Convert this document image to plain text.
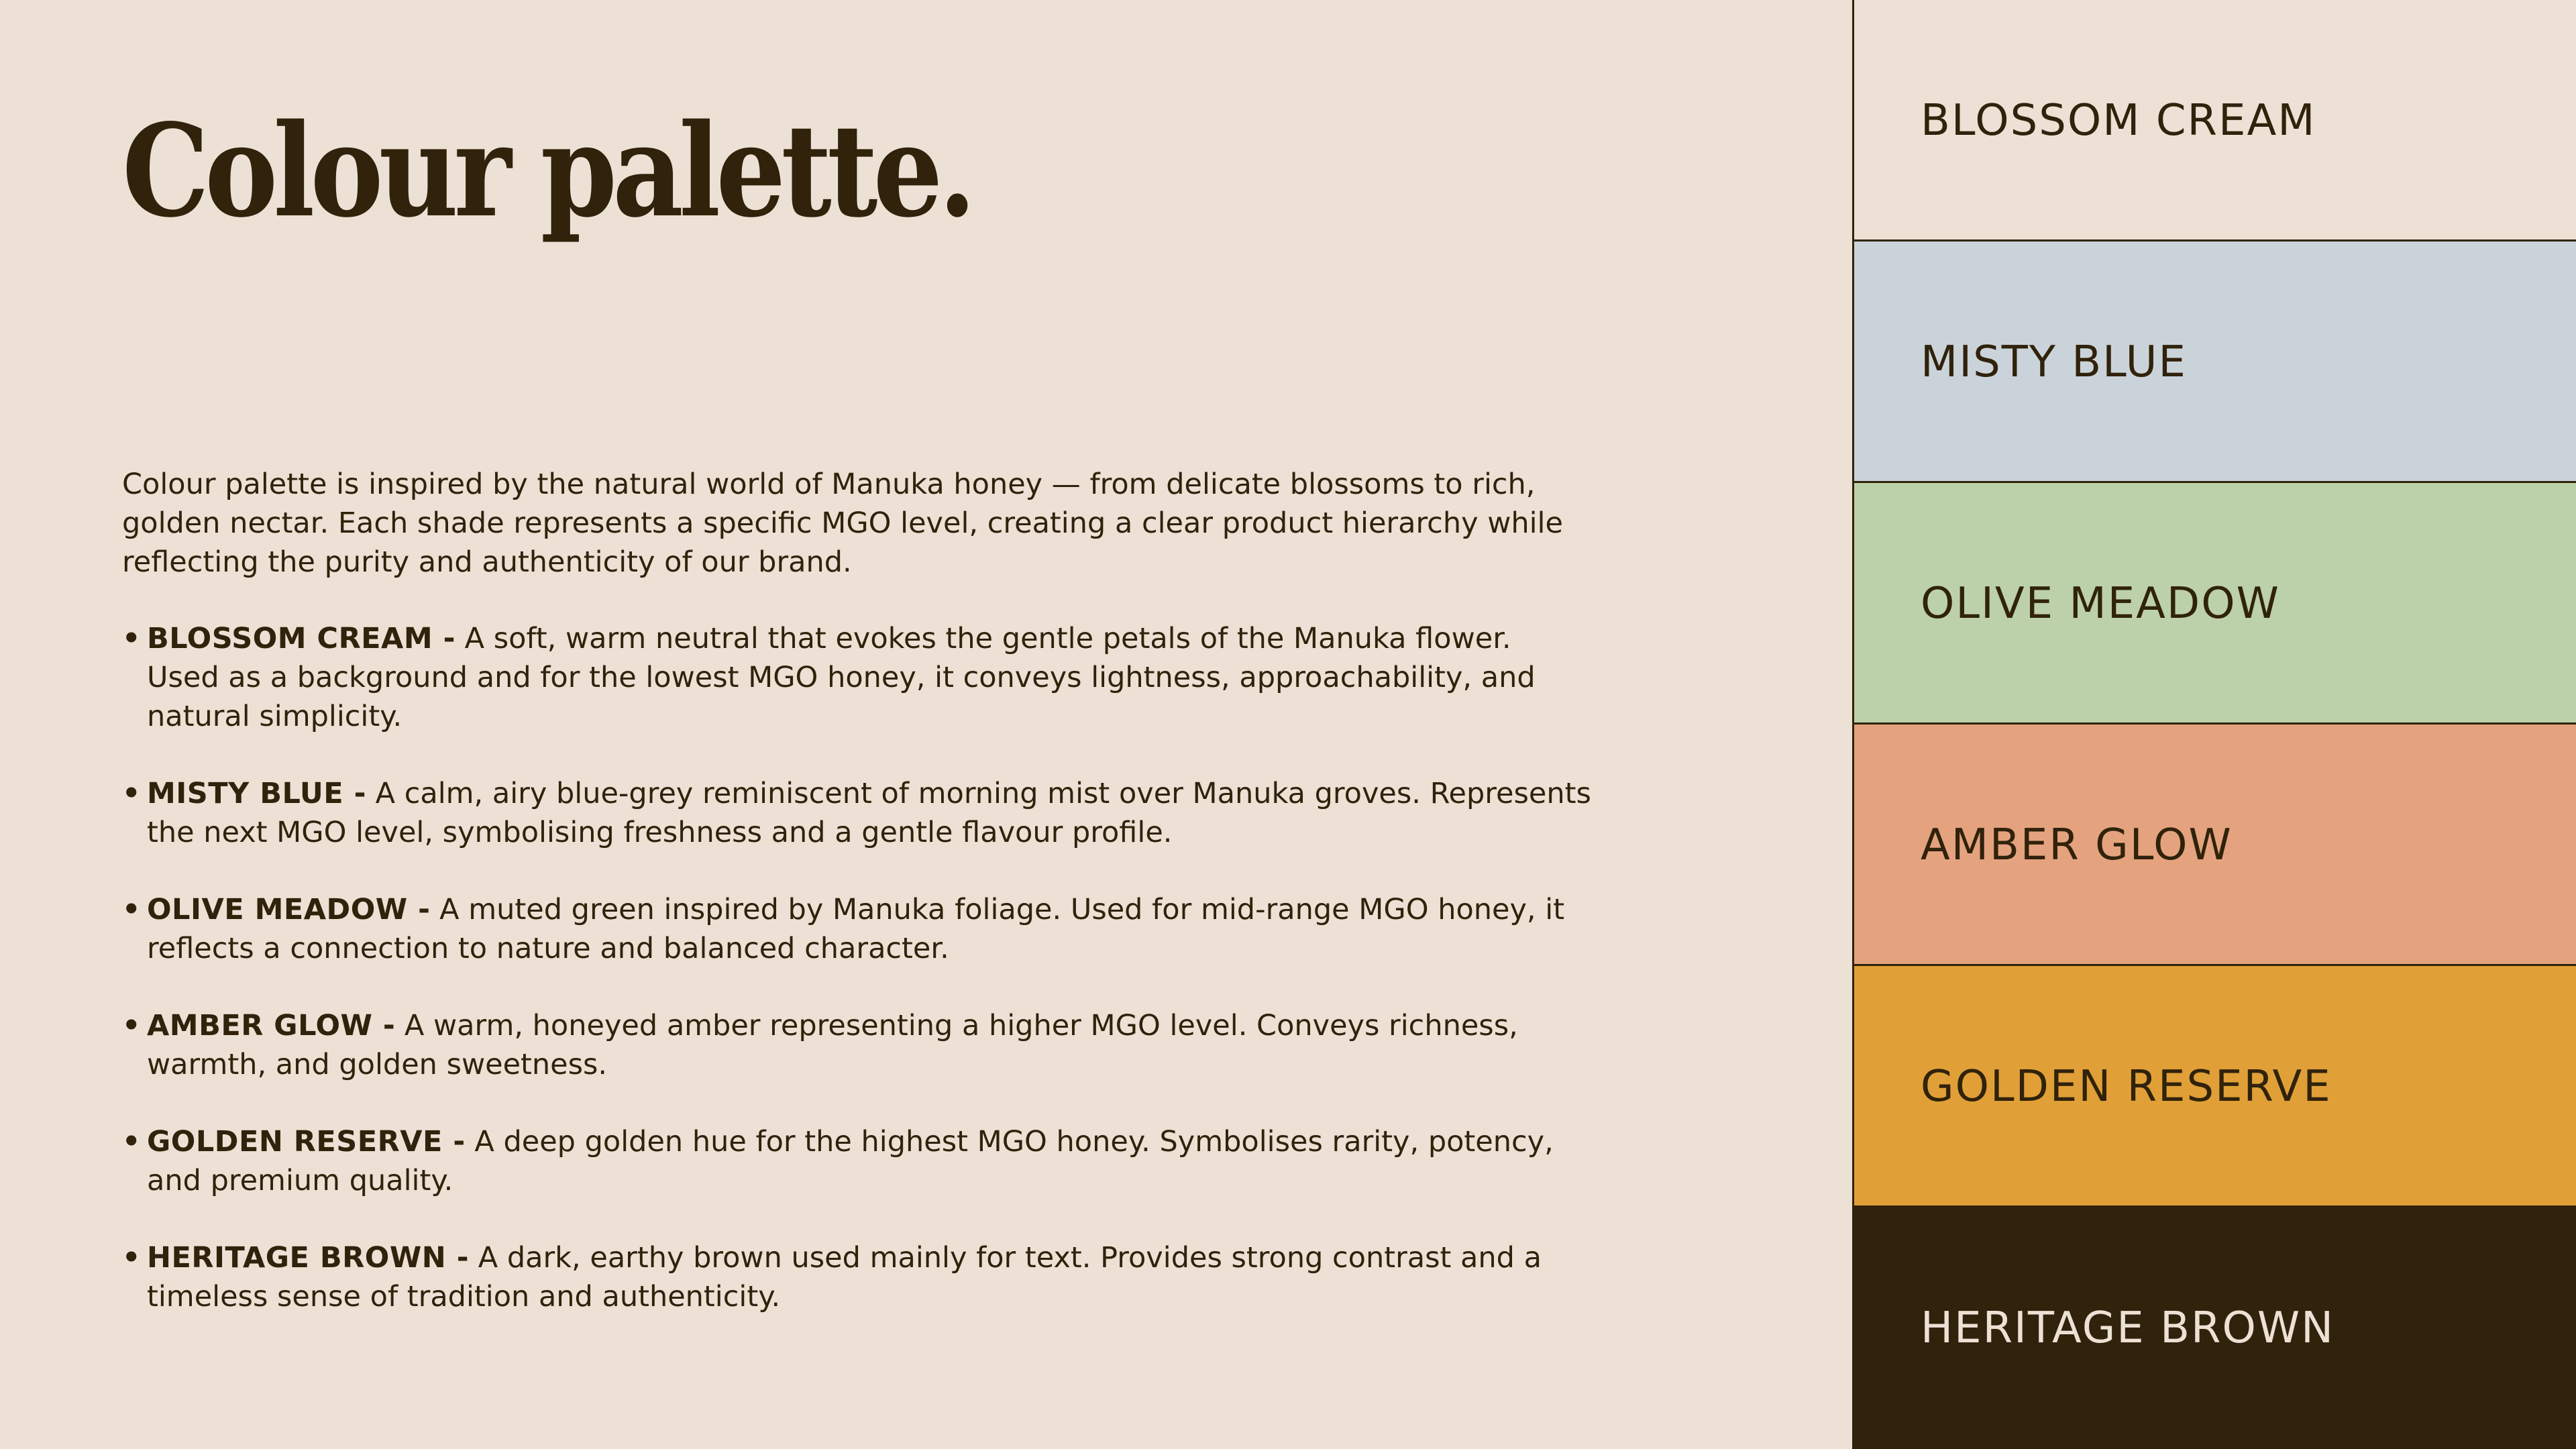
Colour palette.

Colour palette is inspired by the natural world of Manuka honey — from delicate blossoms to rich, golden nectar. Each shade represents a specific MGO level, creating a clear product hierarchy while reflecting the purity and authenticity of our brand.

• BLOSSOM CREAM - A soft, warm neutral that evokes the gentle petals of the Manuka flower. Used as a background and for the lowest MGO honey, it conveys lightness, approachability, and natural simplicity.
• MISTY BLUE - A calm, airy blue-grey reminiscent of morning mist over Manuka groves. Represents the next MGO level, symbolising freshness and a gentle flavour profile.
• OLIVE MEADOW - A muted green inspired by Manuka foliage. Used for mid-range MGO honey, it reflects a connection to nature and balanced character.
• AMBER GLOW - A warm, honeyed amber representing a higher MGO level. Conveys richness, warmth, and golden sweetness.
• GOLDEN RESERVE - A deep golden hue for the highest MGO honey. Symbolises rarity, potency, and premium quality.
• HERITAGE BROWN - A dark, earthy brown used mainly for text. Provides strong contrast and a timeless sense of tradition and authenticity.
BLOSSOM CREAM
MISTY BLUE
OLIVE MEADOW
AMBER GLOW
GOLDEN RESERVE
HERITAGE BROWN
